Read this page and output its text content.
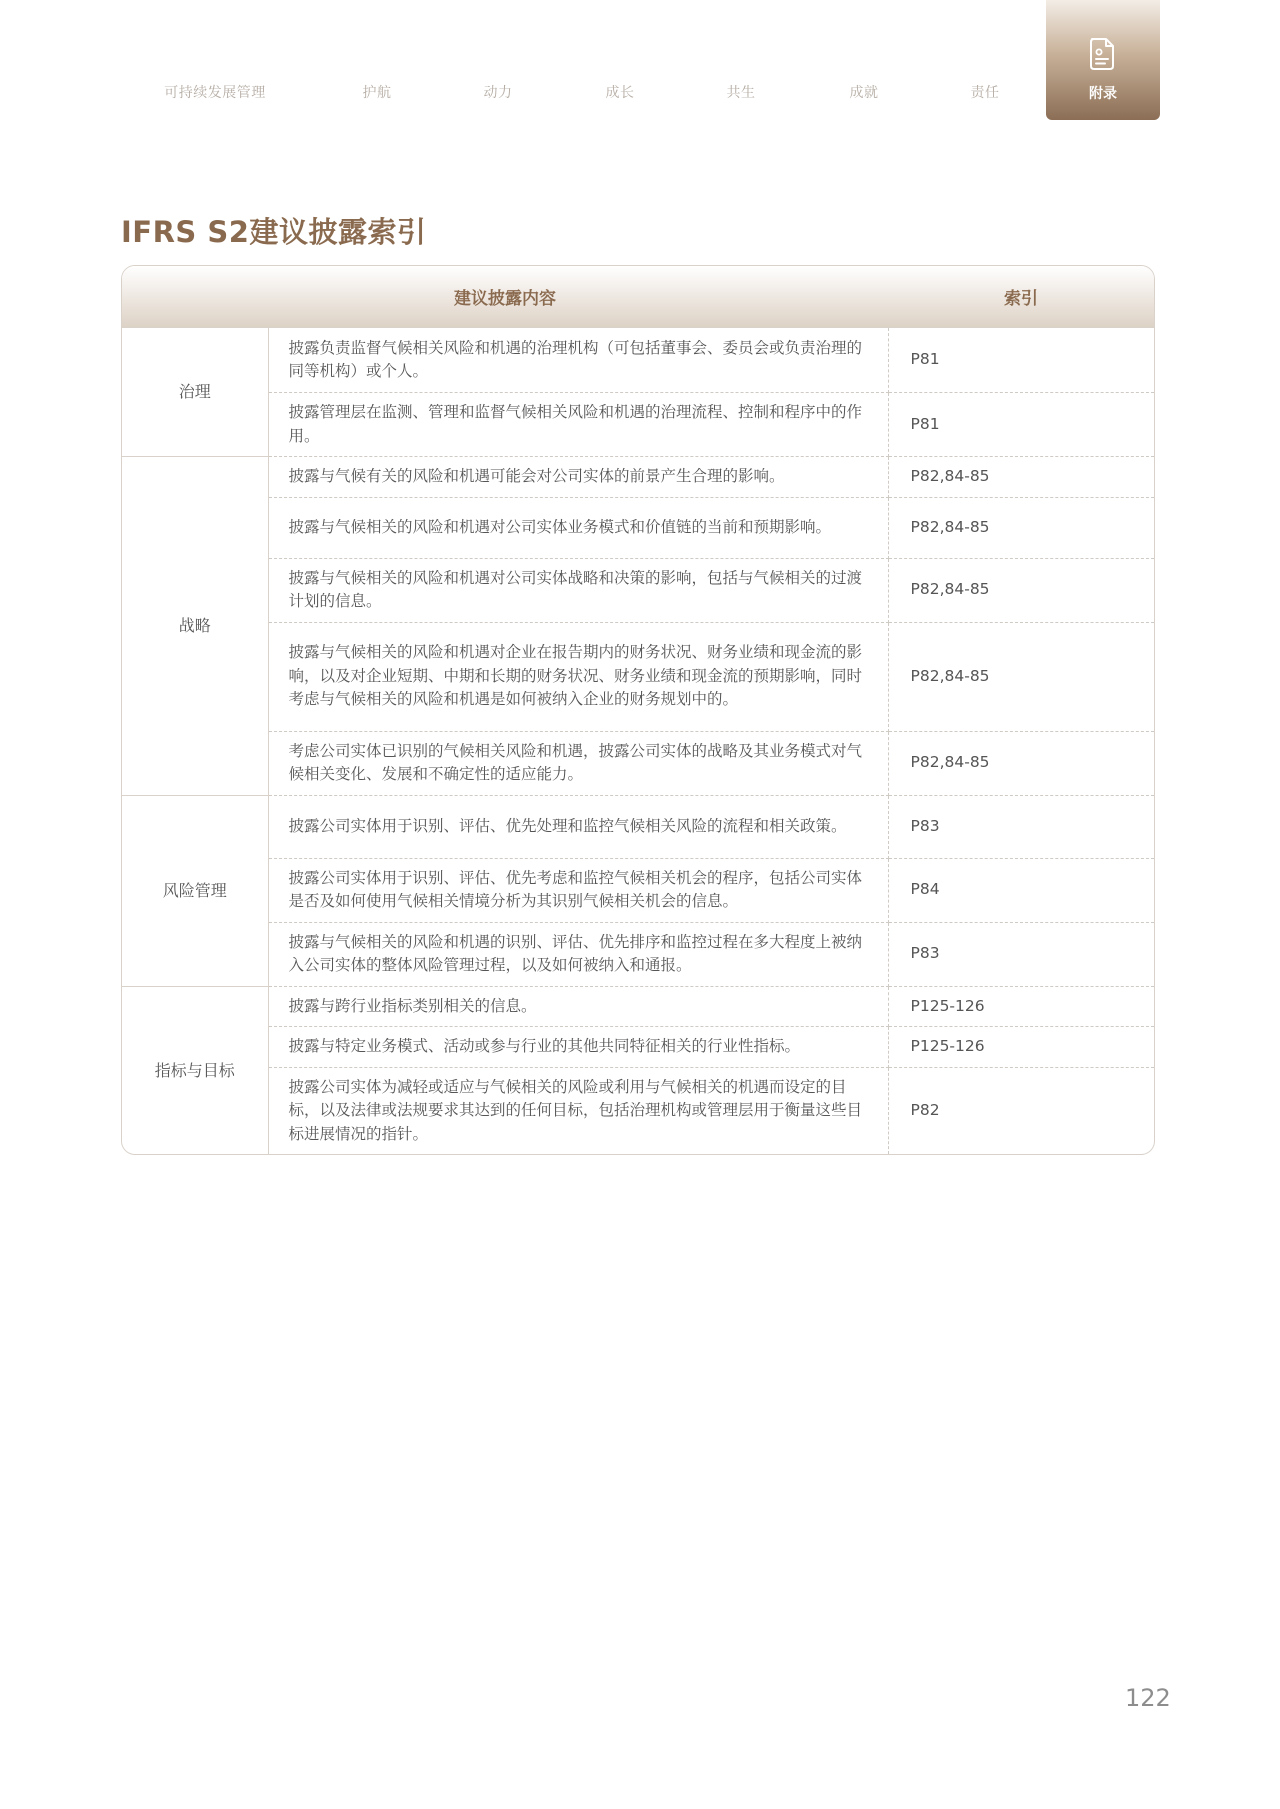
可持续发展管理	护航	动力	成长	共生	成就	责任	附录
IFRS S2建议披露索引
建议披露内容		索引
治理	披露负责监督气候相关风险和机遇的治理机构（可包括董事会、委员会或负责治理的同等机构）或个人。	P81
	披露管理层在监测、管理和监督气候相关风险和机遇的治理流程、控制和程序中的作用。	P81
战略	披露与气候有关的风险和机遇可能会对公司实体的前景产生合理的影响。	P82,84-85
	披露与气候相关的风险和机遇对公司实体业务模式和价值链的当前和预期影响。	P82,84-85
	披露与气候相关的风险和机遇对公司实体战略和决策的影响，包括与气候相关的过渡计划的信息。	P82,84-85
	披露与气候相关的风险和机遇对企业在报告期内的财务状况、财务业绩和现金流的影响，以及对企业短期、中期和长期的财务状况、财务业绩和现金流的预期影响，同时考虑与气候相关的风险和机遇是如何被纳入企业的财务规划中的。	P82,84-85
	考虑公司实体已识别的气候相关风险和机遇，披露公司实体的战略及其业务模式对气候相关变化、发展和不确定性的适应能力。	P82,84-85
风险管理	披露公司实体用于识别、评估、优先处理和监控气候相关风险的流程和相关政策。	P83
	披露公司实体用于识别、评估、优先考虑和监控气候相关机会的程序，包括公司实体是否及如何使用气候相关情境分析为其识别气候相关机会的信息。	P84
	披露与气候相关的风险和机遇的识别、评估、优先排序和监控过程在多大程度上被纳入公司实体的整体风险管理过程，以及如何被纳入和通报。	P83
指标与目标	披露与跨行业指标类别相关的信息。	P125-126
	披露与特定业务模式、活动或参与行业的其他共同特征相关的行业性指标。	P125-126
	披露公司实体为减轻或适应与气候相关的风险或利用与气候相关的机遇而设定的目标，以及法律或法规要求其达到的任何目标，包括治理机构或管理层用于衡量这些目标进展情况的指针。	P82
122
